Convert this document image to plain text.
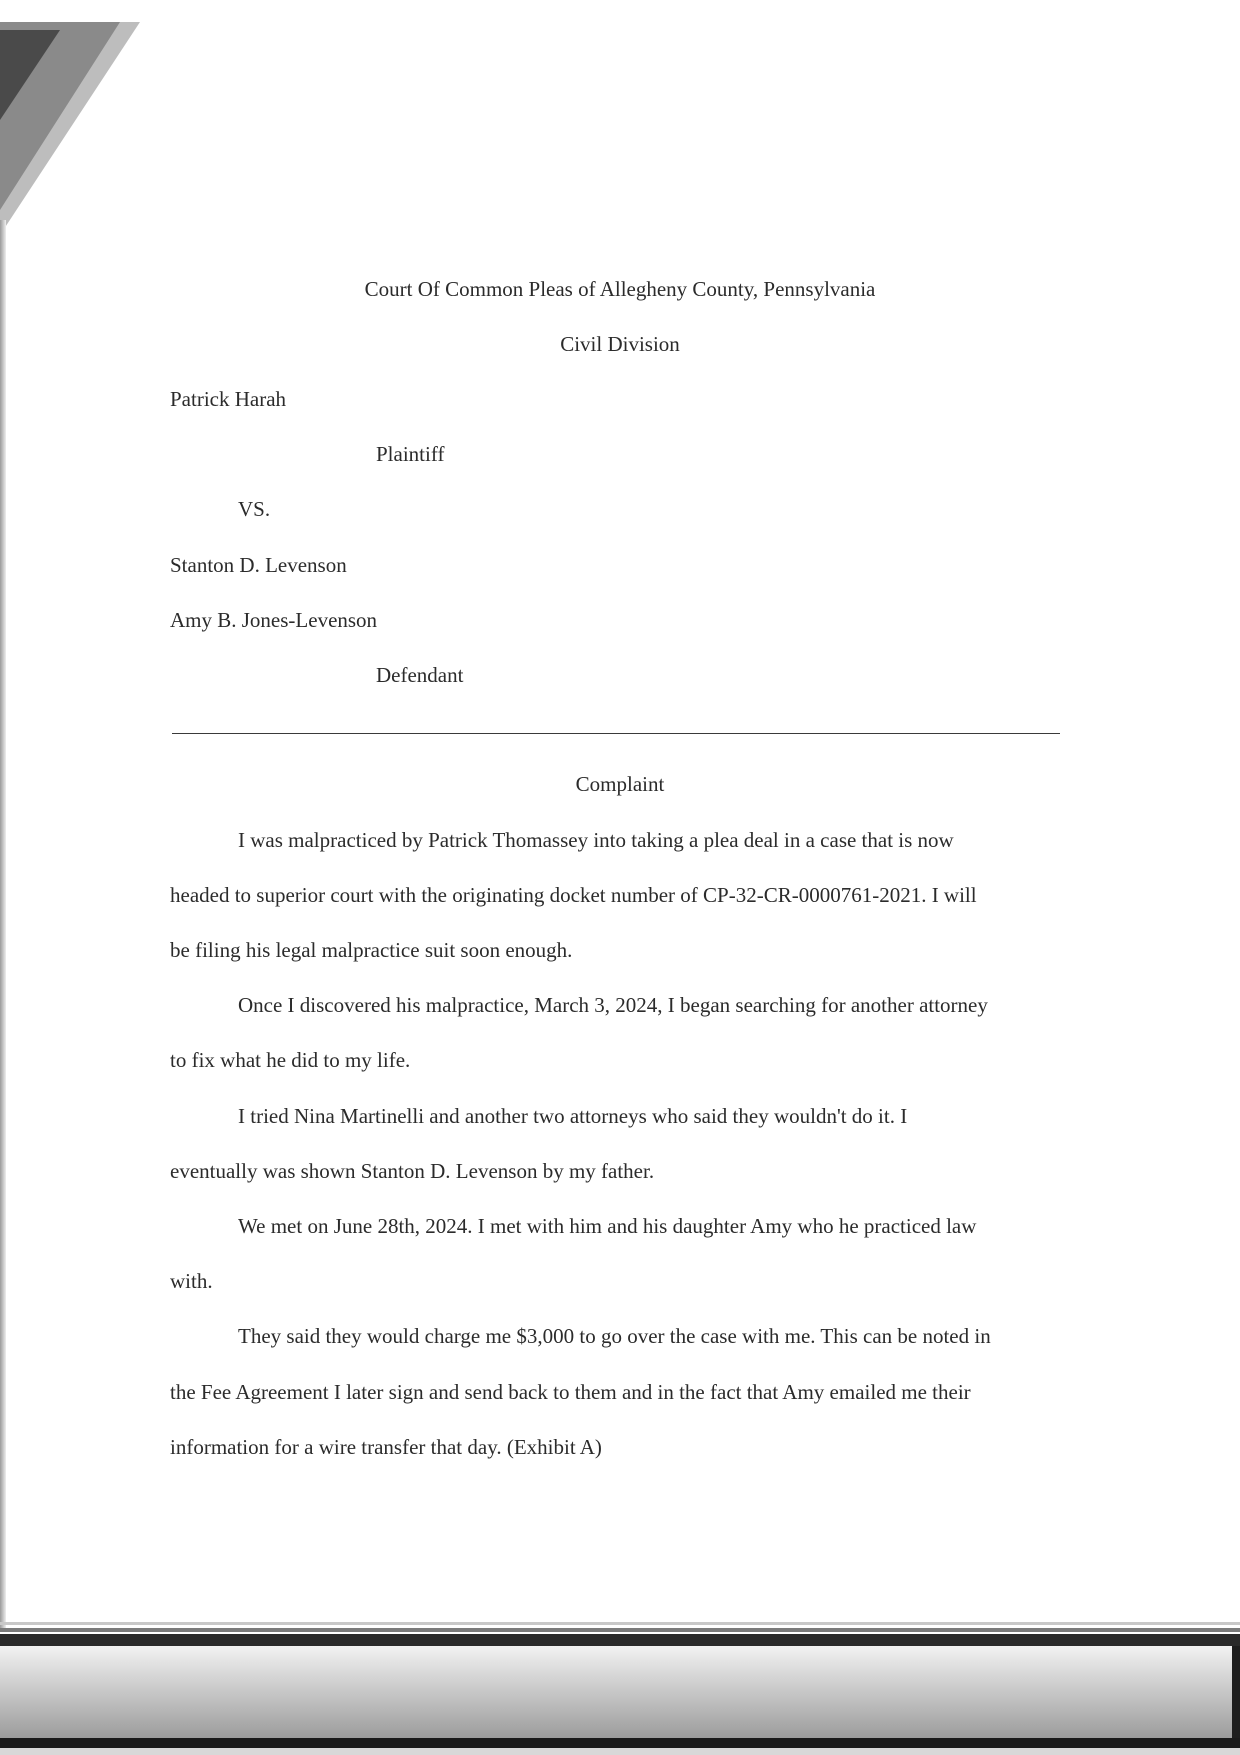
Court Of Common Pleas of Allegheny County, Pennsylvania
Civil Division
Patrick Harah
Plaintiff
VS.
Stanton D. Levenson
Amy B. Jones-Levenson
Defendant
Complaint
I was malpracticed by Patrick Thomassey into taking a plea deal in a case that is now
headed to superior court with the originating docket number of CP-32-CR-0000761-2021. I will
be filing his legal malpractice suit soon enough.
Once I discovered his malpractice, March 3, 2024, I began searching for another attorney
to fix what he did to my life.
I tried Nina Martinelli and another two attorneys who said they wouldn't do it. I
eventually was shown Stanton D. Levenson by my father.
We met on June 28th, 2024. I met with him and his daughter Amy who he practiced law
with.
They said they would charge me $3,000 to go over the case with me. This can be noted in
the Fee Agreement I later sign and send back to them and in the fact that Amy emailed me their
information for a wire transfer that day. (Exhibit A)
